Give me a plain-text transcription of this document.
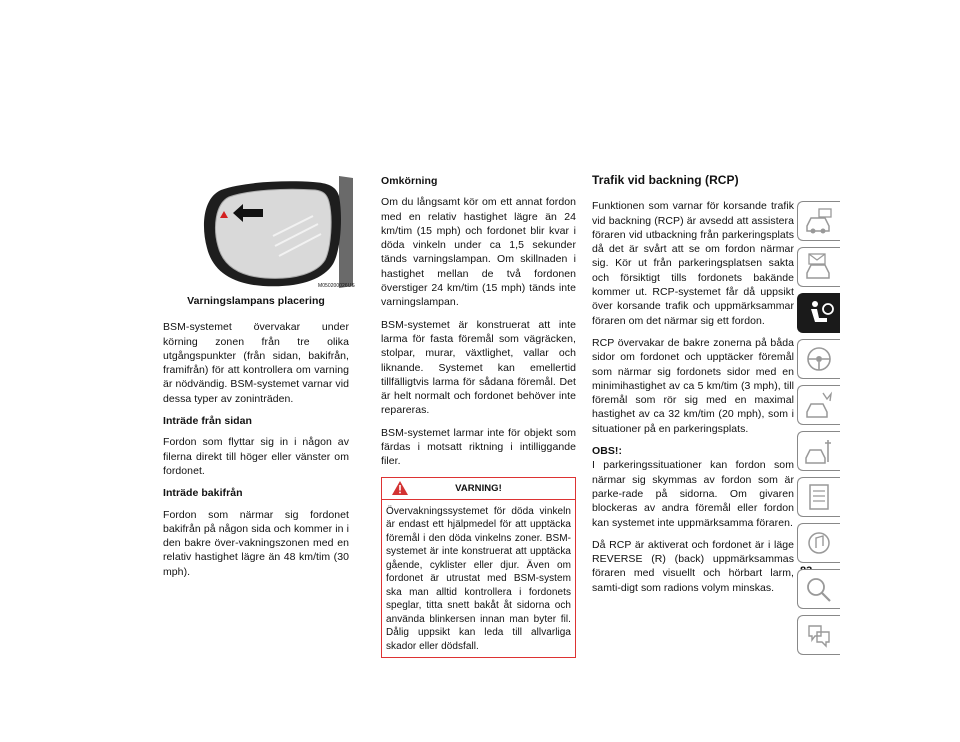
M050200026US
Varningslampans placering

BSM-systemet övervakar under körning zonen från tre olika utgångspunkter (från sidan, bakifrån, framifrån) för att kontrollera om varning är nödvändig. BSM-systemet varnar vid dessa typer av zoninträden.

Inträde från sidan

Fordon som flyttar sig in i någon av filerna direkt till höger eller vänster om fordonet.

Inträde bakifrån

Fordon som närmar sig fordonet bakifrån på någon sida och kommer in i den bakre över-vakningszonen med en relativ hastighet lägre än 48 km/tim (30 mph).

Omkörning

Om du långsamt kör om ett annat fordon med en relativ hastighet lägre än 24 km/tim (15 mph) och fordonet blir kvar i döda vinkeln under ca 1,5 sekunder tänds varningslampan. Om skillnaden i hastighet mellan de två fordonen överstiger 24 km/tim (15 mph) tänds inte varningslampan.

BSM-systemet är konstruerat att inte larma för fasta föremål som vägräcken, stolpar, murar, växtlighet, vallar och liknande. Systemet kan emellertid tillfälligtvis larma för sådana föremål. Det är helt normalt och fordonet behöver inte repareras.

BSM-systemet larmar inte för objekt som färdas i motsatt riktning i intilliggande filer.

VARNING!
Övervakningssystemet för döda vinkeln är endast ett hjälpmedel för att upptäcka föremål i den döda vinkelns zoner. BSM-systemet är inte konstruerat att upptäcka gående, cyklister eller djur. Även om fordonet är utrustat med BSM-system ska man alltid kontrollera i fordonets speglar, titta snett bakåt åt sidorna och använda blinkersen innan man byter fil. Dålig uppsikt kan leda till allvarliga skador eller dödsfall.
Trafik vid backning (RCP)

Funktionen som varnar för korsande trafik vid backning (RCP) är avsedd att assistera föraren vid utbackning från parkeringsplats då det är svårt att se om fordon närmar sig. Kör ut från parkeringsplatsen sakta och försiktigt tills fordonets bakände kommer ut. RCP-systemet får då uppsikt över korsande trafik och uppmärksammar föraren om det närmar sig ett fordon.

RCP övervakar de bakre zonerna på båda sidor om fordonet och upptäcker föremål som närmar sig fordonets sidor med en minimihastighet av ca 5 km/tim (3 mph), till föremål som rör sig med en maximal hastighet av ca 32 km/tim (20 mph), som i situationer på en parkeringsplats.

OBS!:
I parkeringssituationer kan fordon som närmar sig skymmas av fordon som är parke-rade på sidorna. Om givaren blockeras av andra föremål eller fordon kan systemet inte uppmärksamma föraren.

Då RCP är aktiverat och fordonet är i läge REVERSE (R) (back) uppmärksammas föraren med visuellt och hörbart larm, samti-digt som radions volym minskas.
